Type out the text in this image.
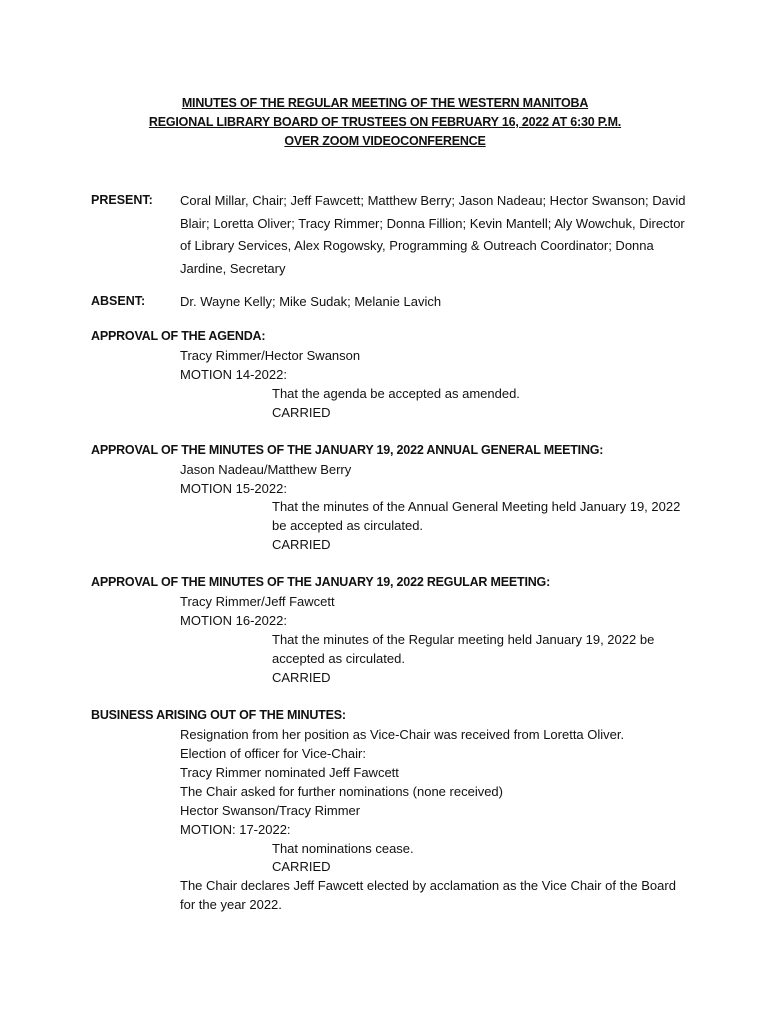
MINUTES OF THE REGULAR MEETING OF THE WESTERN MANITOBA
REGIONAL LIBRARY BOARD OF TRUSTEES ON FEBRUARY 16, 2022 AT 6:30 P.M.
OVER ZOOM VIDEOCONFERENCE
PRESENT: Coral Millar, Chair; Jeff Fawcett; Matthew Berry; Jason Nadeau; Hector Swanson; David Blair; Loretta Oliver; Tracy Rimmer; Donna Fillion; Kevin Mantell; Aly Wowchuk, Director of Library Services, Alex Rogowsky, Programming & Outreach Coordinator; Donna Jardine, Secretary
ABSENT:	Dr. Wayne Kelly; Mike Sudak; Melanie Lavich
APPROVAL OF THE AGENDA:
Tracy Rimmer/Hector Swanson
MOTION 14-2022:
That the agenda be accepted as amended.
CARRIED
APPROVAL OF THE MINUTES OF THE JANUARY 19, 2022 ANNUAL GENERAL MEETING:
Jason Nadeau/Matthew Berry
MOTION 15-2022:
That the minutes of the Annual General Meeting held January 19, 2022 be accepted as circulated.
CARRIED
APPROVAL OF THE MINUTES OF THE JANUARY 19, 2022 REGULAR MEETING:
Tracy Rimmer/Jeff Fawcett
MOTION 16-2022:
That the minutes of the Regular meeting held January 19, 2022 be accepted as circulated.
CARRIED
BUSINESS ARISING OUT OF THE MINUTES:
Resignation from her position as Vice-Chair was received from Loretta Oliver.
Election of officer for Vice-Chair:
Tracy Rimmer nominated Jeff Fawcett
The Chair asked for further nominations (none received)
Hector Swanson/Tracy Rimmer
MOTION: 17-2022:
That nominations cease.
CARRIED
The Chair declares Jeff Fawcett elected by acclamation as the Vice Chair of the Board for the year 2022.
